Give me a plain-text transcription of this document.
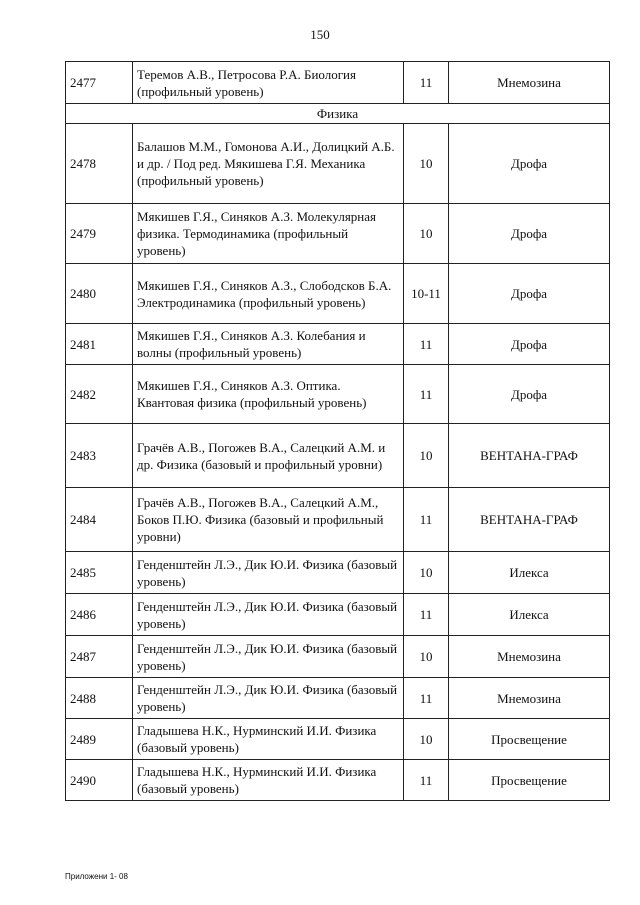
150
2477	Теремов А.В., Петросова Р.А. Биология (профильный уровень)	11	Мнемозина
Физика			
2478	Балашов М.М., Гомонова А.И., Долицкий А.Б. и др. / Под ред. Мякишева Г.Я. Механика (профильный уровень)	10	Дрофа
2479	Мякишев Г.Я., Синяков А.З. Молекулярная физика. Термодинамика (профильный уровень)	10	Дрофа
2480	Мякишев Г.Я., Синяков А.З., Слободсков Б.А. Электродинамика (профильный уровень)	10-11	Дрофа
2481	Мякишев Г.Я., Синяков А.З. Колебания и волны (профильный уровень)	11	Дрофа
2482	Мякишев Г.Я., Синяков А.З. Оптика. Квантовая физика (профильный уровень)	11	Дрофа
2483	Грачёв А.В., Погожев В.А., Салецкий А.М. и др. Физика (базовый и профильный уровни)	10	ВЕНТАНА-ГРАФ
2484	Грачёв А.В., Погожев В.А., Салецкий А.М., Боков П.Ю. Физика (базовый и профильный уровни)	11	ВЕНТАНА-ГРАФ
2485	Генденштейн Л.Э., Дик Ю.И. Физика (базовый уровень)	10	Илекса
2486	Генденштейн Л.Э., Дик Ю.И. Физика (базовый уровень)	11	Илекса
2487	Генденштейн Л.Э., Дик Ю.И. Физика (базовый уровень)	10	Мнемозина
2488	Генденштейн Л.Э., Дик Ю.И. Физика (базовый уровень)	11	Мнемозина
2489	Гладышева Н.К., Нурминский И.И. Физика (базовый уровень)	10	Просвещение
2490	Гладышева Н.К., Нурминский И.И. Физика (базовый уровень)	11	Просвещение
Приложени 1- 08
